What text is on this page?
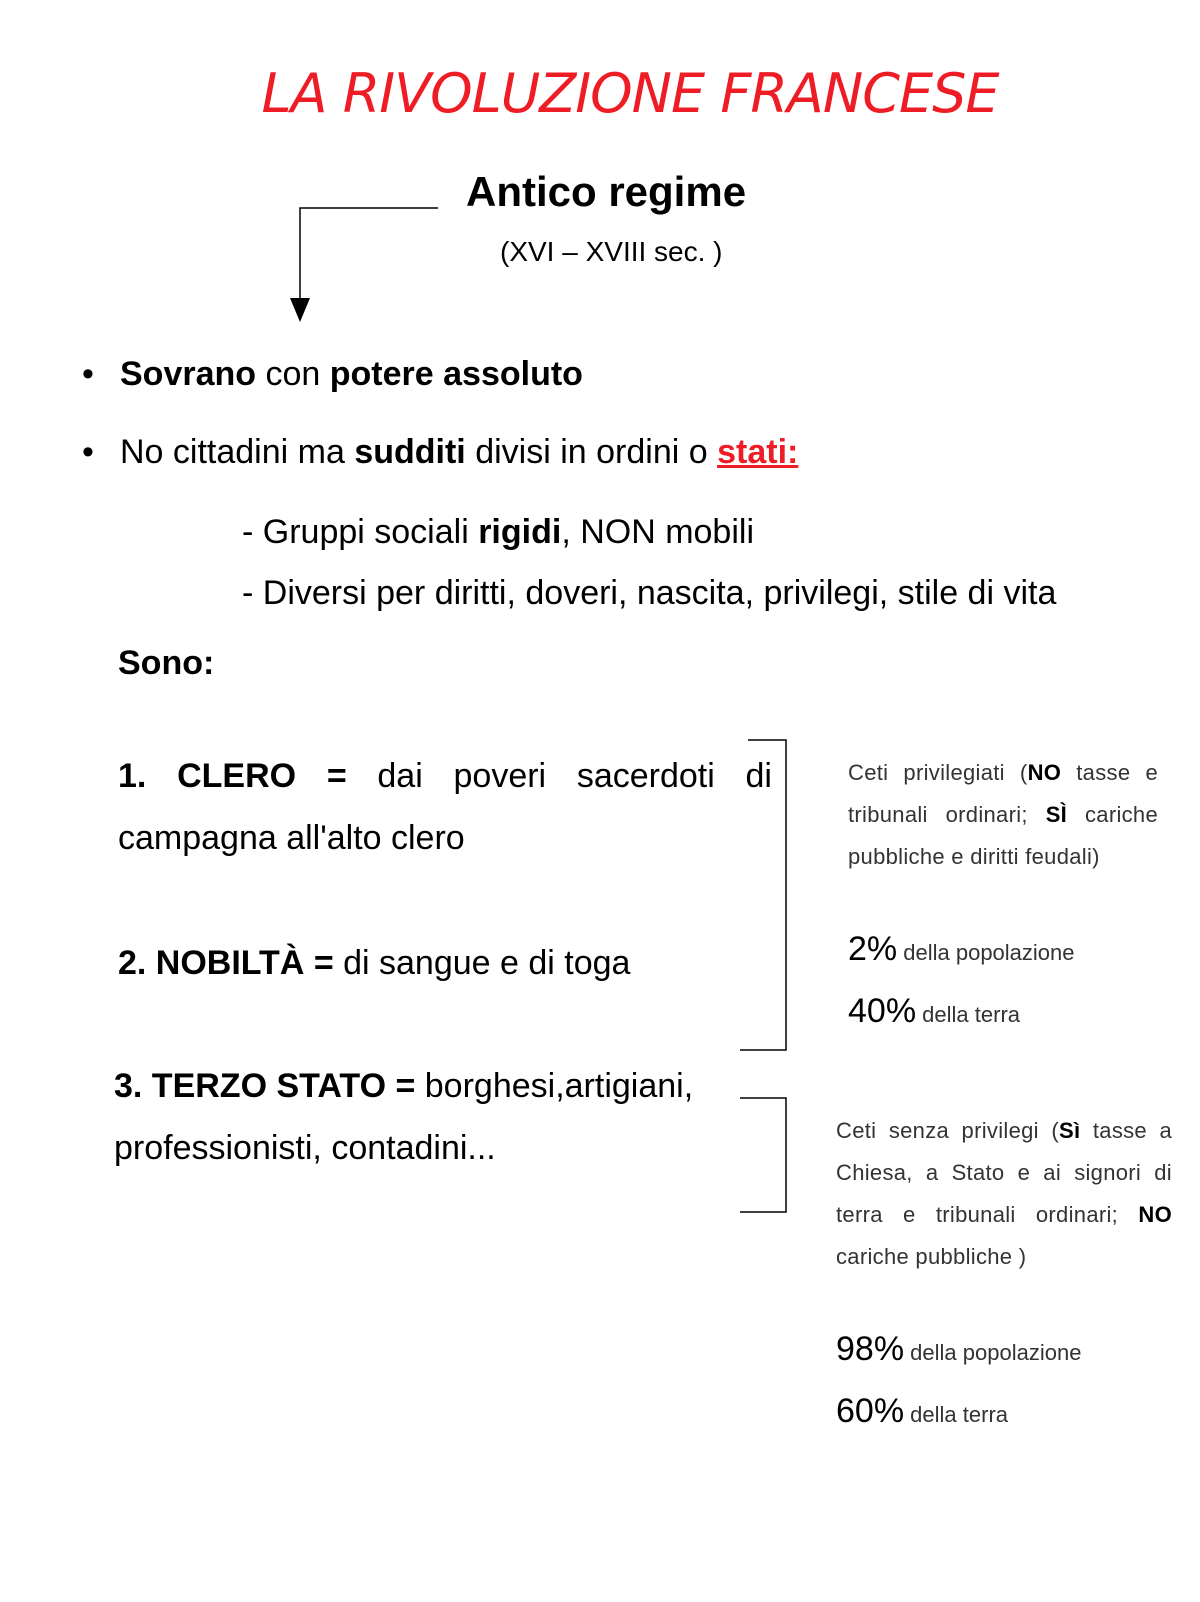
LA RIVOLUZIONE FRANCESE
Antico regime
(XVI – XVIII sec. )
• Sovrano con potere assoluto
• No cittadini ma sudditi divisi in ordini o stati:
- Gruppi sociali rigidi, NON mobili
- Diversi per diritti, doveri, nascita, privilegi, stile di vita
Sono:
1. CLERO = dai poveri sacerdoti di campagna all'alto clero
2. NOBILTÀ = di sangue e di toga
3. TERZO STATO = borghesi,artigiani, professionisti, contadini...
Ceti privilegiati (NO tasse e tribunali ordinari; SÌ cariche pubbliche e diritti feudali)
2% della popolazione
40% della terra
Ceti senza privilegi (Sì tasse a Chiesa, a Stato e ai signori di terra e tribunali ordinari; NO cariche pubbliche )
98% della popolazione
60% della terra
